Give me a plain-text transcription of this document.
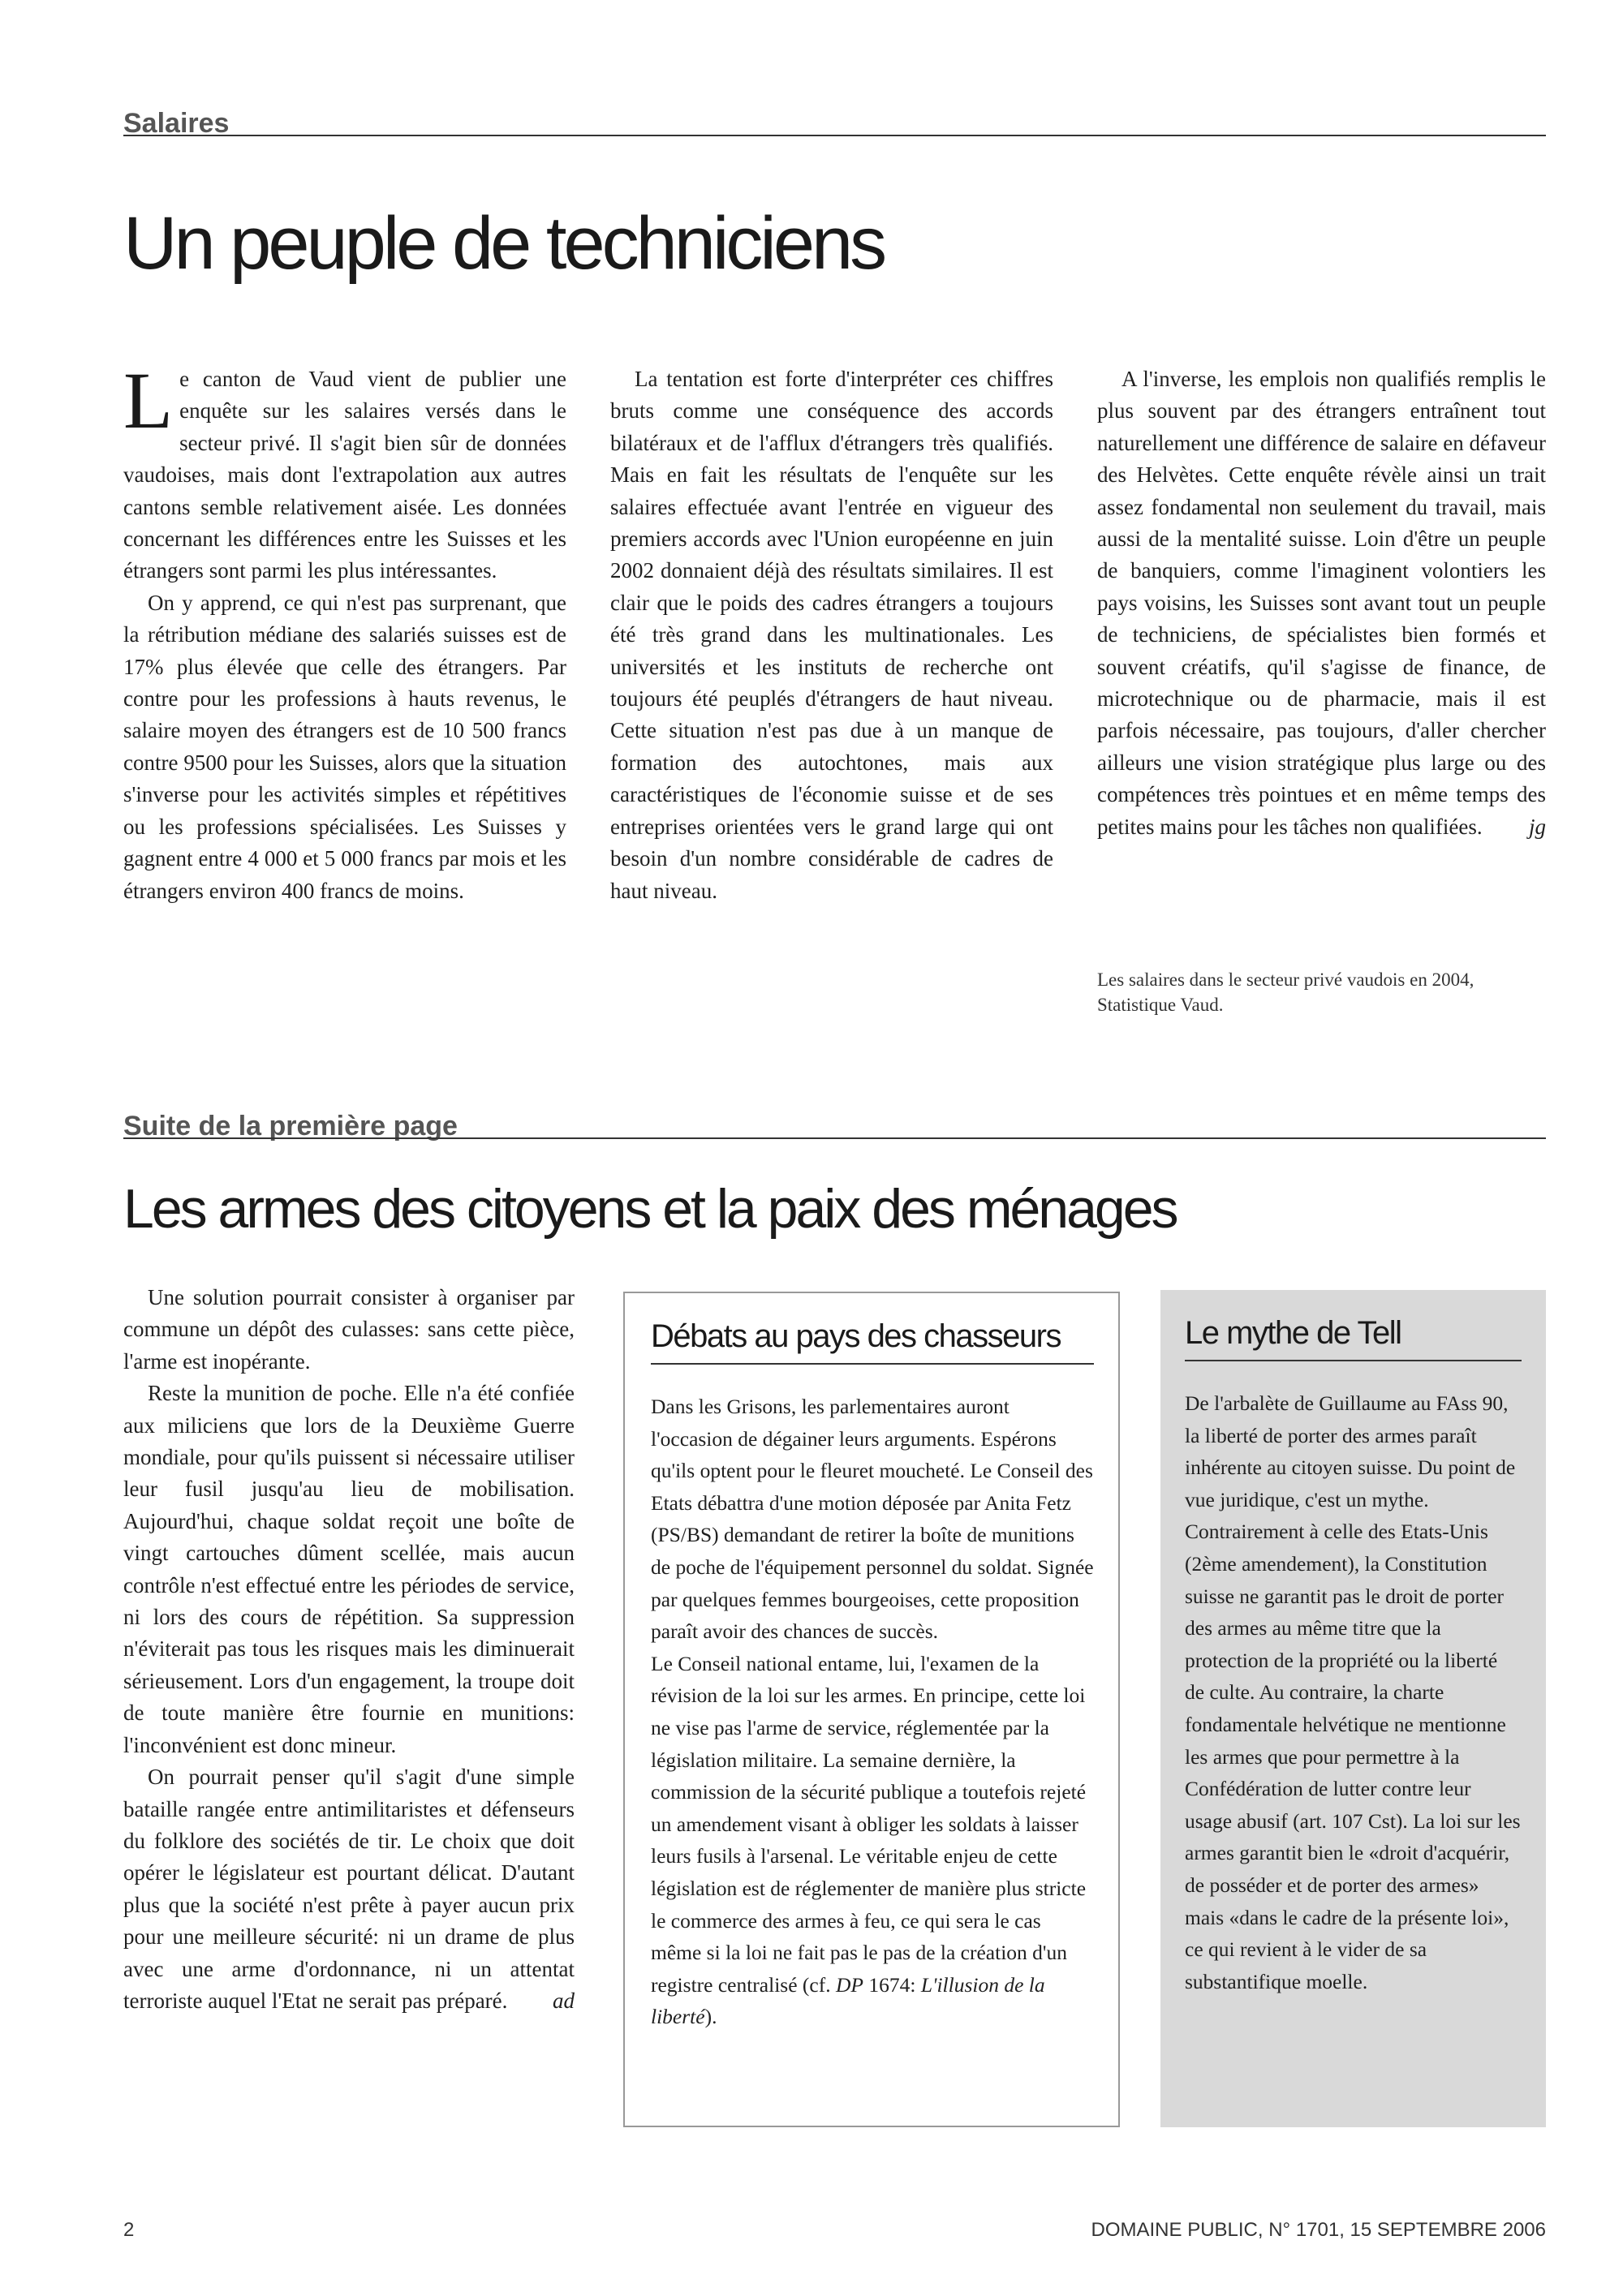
Salaires
Un peuple de techniciens

Le canton de Vaud vient de publier une enquête sur les salaires versés dans le secteur privé. Il s'agit bien sûr de données vaudoises, mais dont l'extrapolation aux autres cantons semble relativement aisée. Les données concernant les différences entre les Suisses et les étrangers sont parmi les plus intéressantes.

On y apprend, ce qui n'est pas surprenant, que la rétribution médiane des salariés suisses est de 17% plus élevée que celle des étrangers. Par contre pour les professions à hauts revenus, le salaire moyen des étrangers est de 10 500 francs contre 9500 pour les Suisses, alors que la situation s'inverse pour les activités simples et répétitives ou les professions spécialisées. Les Suisses y gagnent entre 4 000 et 5 000 francs par mois et les étrangers environ 400 francs de moins.

La tentation est forte d'interpréter ces chiffres bruts comme une conséquence des accords bilatéraux et de l'afflux d'étrangers très qualifiés. Mais en fait les résultats de l'enquête sur les salaires effectuée avant l'entrée en vigueur des premiers accords avec l'Union européenne en juin 2002 donnaient déjà des résultats similaires. Il est clair que le poids des cadres étrangers a toujours été très grand dans les multinationales. Les universités et les instituts de recherche ont toujours été peuplés d'étrangers de haut niveau. Cette situation n'est pas due à un manque de formation des autochtones, mais aux caractéristiques de l'économie suisse et de ses entreprises orientées vers le grand large qui ont besoin d'un nombre considérable de cadres de haut niveau.

A l'inverse, les emplois non qualifiés remplis le plus souvent par des étrangers entraînent tout naturellement une différence de salaire en défaveur des Helvètes. Cette enquête révèle ainsi un trait assez fondamental non seulement du travail, mais aussi de la mentalité suisse. Loin d'être un peuple de banquiers, comme l'imaginent volontiers les pays voisins, les Suisses sont avant tout un peuple de techniciens, de spécialistes bien formés et souvent créatifs, qu'il s'agisse de finance, de microtechnique ou de pharmacie, mais il est parfois nécessaire, pas toujours, d'aller chercher ailleurs une vision stratégique plus large ou des compétences très pointues et en même temps des petites mains pour les tâches non qualifiées.	jg

Les salaires dans le secteur privé vaudois en 2004,
Statistique Vaud.
Suite de la première page
Les armes des citoyens et la paix des ménages

Une solution pourrait consister à organiser par commune un dépôt des culasses: sans cette pièce, l'arme est inopérante.

Reste la munition de poche. Elle n'a été confiée aux miliciens que lors de la Deuxième Guerre mondiale, pour qu'ils puissent si nécessaire utiliser leur fusil jusqu'au lieu de mobilisation. Aujourd'hui, chaque soldat reçoit une boîte de vingt cartouches dûment scellée, mais aucun contrôle n'est effectué entre les périodes de service, ni lors des cours de répétition. Sa suppression n'éviterait pas tous les risques mais les diminuerait sérieusement. Lors d'un engagement, la troupe doit de toute manière être fournie en munitions: l'inconvénient est donc mineur.

On pourrait penser qu'il s'agit d'une simple bataille rangée entre antimilitaristes et défenseurs du folklore des sociétés de tir. Le choix que doit opérer le législateur est pourtant délicat. D'autant plus que la société n'est prête à payer aucun prix pour une meilleure sécurité: ni un drame de plus avec une arme d'ordonnance, ni un attentat terroriste auquel l'Etat ne serait pas préparé.	ad

Débats au pays des chasseurs
Dans les Grisons, les parlementaires auront l'occasion de dégainer leurs arguments. Espérons qu'ils optent pour le fleuret moucheté. Le Conseil des Etats débattra d'une motion déposée par Anita Fetz (PS/BS) demandant de retirer la boîte de munitions de poche de l'équipement personnel du soldat. Signée par quelques femmes bourgeoises, cette proposition paraît avoir des chances de succès.
Le Conseil national entame, lui, l'examen de la révision de la loi sur les armes. En principe, cette loi ne vise pas l'arme de service, réglementée par la législation militaire. La semaine dernière, la commission de la sécurité publique a toutefois rejeté un amendement visant à obliger les soldats à laisser leurs fusils à l'arsenal. Le véritable enjeu de cette législation est de réglementer de manière plus stricte le commerce des armes à feu, ce qui sera le cas même si la loi ne fait pas le pas de la création d'un registre centralisé (cf. DP 1674: L'illusion de la liberté).
Le mythe de Tell
De l'arbalète de Guillaume au FAss 90, la liberté de porter des armes paraît inhérente au citoyen suisse. Du point de vue juridique, c'est un mythe. Contrairement à celle des Etats-Unis (2ème amendement), la Constitution suisse ne garantit pas le droit de porter des armes au même titre que la protection de la propriété ou la liberté de culte. Au contraire, la charte fondamentale helvétique ne mentionne les armes que pour permettre à la Confédération de lutter contre leur usage abusif (art. 107 Cst). La loi sur les armes garantit bien le «droit d'acquérir, de posséder et de porter des armes» mais «dans le cadre de la présente loi», ce qui revient à le vider de sa substantifique moelle.
2	DOMAINE PUBLIC, N° 1701, 15 SEPTEMBRE 2006
